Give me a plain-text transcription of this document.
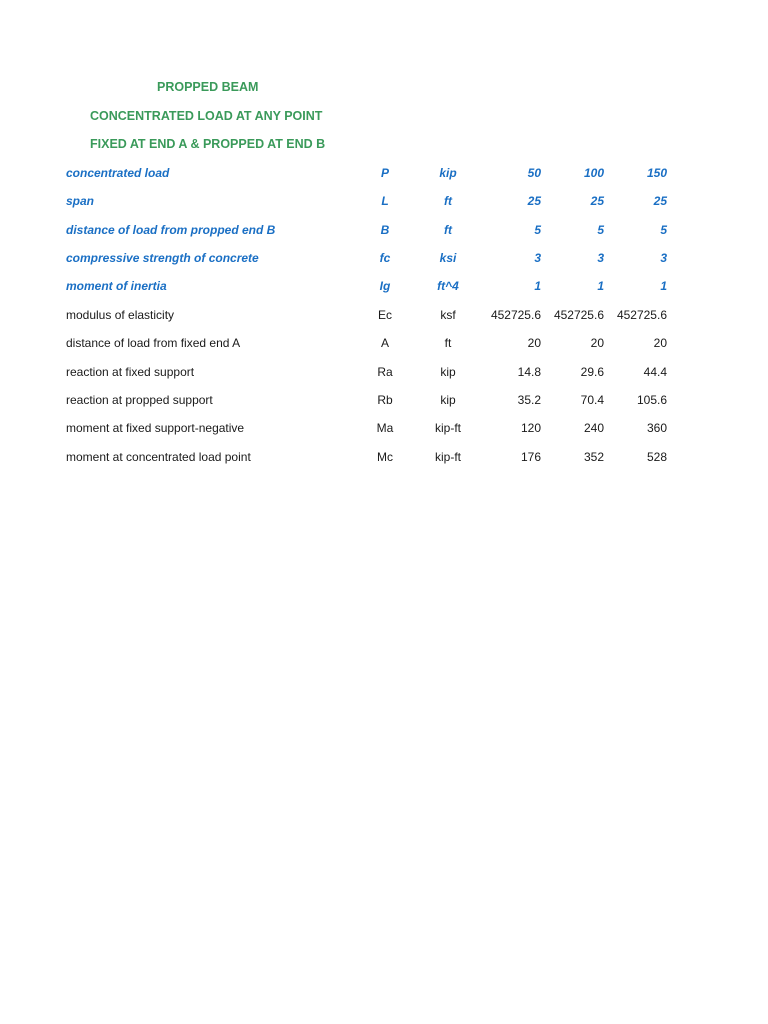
PROPPED BEAM
CONCENTRATED LOAD AT ANY POINT
FIXED AT END A & PROPPED AT END B
concentrated load	P	kip	50	100	150
span	L	ft	25	25	25
distance of load from propped end B	B	ft	5	5	5
compressive strength of concrete	fc	ksi	3	3	3
moment of inertia	Ig	ft^4	1	1	1
modulus of elasticity	Ec	ksf	452725.6	452725.6	452725.6
distance of load from fixed end A	A	ft	20	20	20
reaction at fixed support	Ra	kip	14.8	29.6	44.4
reaction at propped support	Rb	kip	35.2	70.4	105.6
moment at fixed support-negative	Ma	kip-ft	120	240	360
moment at concentrated load point	Mc	kip-ft	176	352	528
